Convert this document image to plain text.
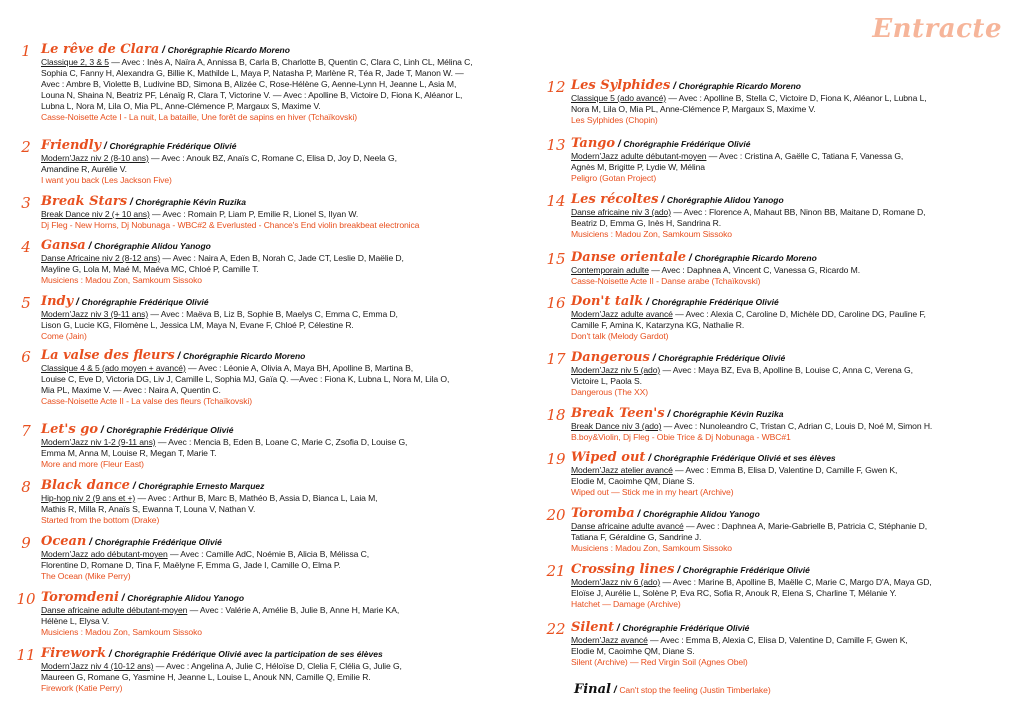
Entracte
1 Le rêve de Clara / Chorégraphie Ricardo Moreno
Classique 2, 3 & 5 — Avec : Inès A, Naïra A, Annissa B, Carla B, Charlotte B, Quentin C, Clara C, Linh CL, Mélina C,
Sophia C, Fanny H, Alexandra G, Billie K, Mathilde L, Maya P, Natasha P, Marlène R, Téa R, Jade T, Manon W. —
Avec : Ambre B, Violette B, Ludivine BD, Simona B, Alizée C, Rose-Hélène G, Aenne-Lynn H, Jeanne L, Asia M,
Louna N, Shaina N, Beatriz PF, Lénaïg R, Clara T, Victorine V. — Avec : Apolline B, Victoire D, Fiona K, Aléanor L,
Lubna L, Nora M, Lila O, Mia PL, Anne-Clémence P, Margaux S, Maxime V.
Casse-Noisette Acte I - La nuit, La bataille, Une forêt de sapins en hiver (Tchaïkovski)
2 Friendly / Chorégraphie Frédérique Olivié
Modern'Jazz niv 2 (8-10 ans) — Avec : Anouk BZ, Anaïs C, Romane C, Elisa D, Joy D, Neela G,
Amandine R, Aurélie V.
I want you back (Les Jackson Five)
3 Break Stars / Chorégraphie Kévin Ruzika
Break Dance niv 2 (+ 10 ans) — Avec : Romain P, Liam P, Emilie R, Lionel S, Ilyan W.
Dj Fleg - New Horns, Dj Nobunaga - WBC#2 & Everlusted - Chance's End violin breakbeat electronica
4 Gansa / Chorégraphie Alidou Yanogo
Danse Africaine niv 2 (8-12 ans) — Avec : Naira A, Eden B, Norah C, Jade CT, Leslie D, Maëlie D,
Mayline G, Lola M, Maé M, Maéva MC, Chloé P, Camille T.
Musiciens : Madou Zon, Samkoum Sissoko
5 Indy / Chorégraphie Frédérique Olivié
Modern'Jazz niv 3 (9-11 ans) — Avec : Maëva B, Liz B, Sophie B, Maelys C, Emma C, Emma D,
Lison G, Lucie KG, Filomène L, Jessica LM, Maya N, Evane F, Chloé P, Célestine R.
Come (Jain)
6 La valse des fleurs / Chorégraphie Ricardo Moreno
Classique 4 & 5 (ado moyen + avancé) — Avec : Léonie A, Olivia A, Maya BH, Apolline B, Martina B,
Louise C, Eve D, Victoria DG, Liv J, Camille L, Sophia MJ, Gaïa Q. —Avec : Fiona K, Lubna L, Nora M, Lila O,
Mia PL, Maxime V. — Avec : Naira A, Quentin C.
Casse-Noisette Acte II - La valse des fleurs (Tchaïkovski)
7 Let's go / Chorégraphie Frédérique Olivié
Modern'Jazz niv 1-2 (9-11 ans) — Avec : Mencia B, Eden B, Loane C, Marie C, Zsofia D, Louise G,
Emma M, Anna M, Louise R, Megan T, Marie T.
More and more (Fleur East)
8 Black dance / Chorégraphie Ernesto Marquez
Hip-hop niv 2 (9 ans et +) — Avec : Arthur B, Marc B, Mathéo B, Assia D, Bianca L, Laia M,
Mathis R, Milla R, Anaïs S, Ewanna T, Louna V, Nathan V.
Started from the bottom (Drake)
9 Ocean / Chorégraphie Frédérique Olivié
Modern'Jazz ado débutant-moyen — Avec : Camille AdC, Noémie B, Alicia B, Mélissa C,
Florentine D, Romane D, Tina F, Maëlyne F, Emma G, Jade I, Camille O, Elma P.
The Ocean (Mike Perry)
10 Toromdeni / Chorégraphie Alidou Yanogo
Danse africaine adulte débutant-moyen — Avec : Valérie A, Amélie B, Julie B, Anne H, Marie KA,
Hélène L, Elysa V.
Musiciens : Madou Zon, Samkoum Sissoko
11 Firework / Chorégraphie Frédérique Olivié avec la participation de ses élèves
Modern'Jazz niv 4 (10-12 ans) — Avec : Angelina A, Julie C, Héloïse D, Clelia F, Clélia G, Julie G,
Maureen G, Romane G, Yasmine H, Jeanne L, Louise L, Anouk NN, Camille Q, Emilie R.
Firework (Katie Perry)	Final / Can't stop the feeling (Justin Timberlake)
12 Les Sylphides / Chorégraphie Ricardo Moreno
Classique 5 (ado avancé) — Avec : Apolline B, Stella C, Victoire D, Fiona K, Aléanor L, Lubna L,
Nora M, Lila O, Mia PL, Anne-Clémence P, Margaux S, Maxime V.
Les Sylphides (Chopin)
13 Tango / Chorégraphie Frédérique Olivié
Modern'Jazz adulte débutant-moyen — Avec : Cristina A, Gaëlle C, Tatiana F, Vanessa G,
Agnès M, Brigitte P, Lydie W, Mélina
Peligro (Gotan Project)
14 Les récoltes / Chorégraphie Alidou Yanogo
Danse africaine niv 3 (ado) — Avec : Florence A, Mahaut BB, Ninon BB, Maitane D, Romane D,
Beatriz D, Emma G, Inès H, Sandrina R.
Musiciens : Madou Zon, Samkoum Sissoko
15 Danse orientale / Chorégraphie Ricardo Moreno
Contemporain adulte — Avec : Daphnea A, Vincent C, Vanessa G, Ricardo M.
Casse-Noisette Acte II - Danse arabe (Tchaïkovski)
16 Don't talk / Chorégraphie Frédérique Olivié
Modern'Jazz adulte avancé — Avec : Alexia C, Caroline D, Michèle DD, Caroline DG, Pauline F,
Camille F, Amina K, Katarzyna KG, Nathalie R.
Don't talk (Melody Gardot)
17 Dangerous / Chorégraphie Frédérique Olivié
Modern'Jazz niv 5 (ado) — Avec : Maya BZ, Eva B, Apolline B, Louise C, Anna C, Verena G,
Victoire L, Paola S.
Dangerous (The XX)
18 Break Teen's / Chorégraphie Kévin Ruzika
Break Dance niv 3 (ado) — Avec : Nunoleandro C, Tristan C, Adrian C, Louis D, Noé M, Simon H.
B.boy&Violin, Dj Fleg - Obie Trice & Dj Nobunaga - WBC#1
19 Wiped out / Chorégraphie Frédérique Olivié et ses élèves
Modern'Jazz atelier avancé — Avec : Emma B, Elisa D, Valentine D, Camille F, Gwen K,
Elodie M, Caoimhe QM, Diane S.
Wiped out — Stick me in my heart (Archive)
20 Toromba / Chorégraphie Alidou Yanogo
Danse africaine adulte avancé — Avec : Daphnea A, Marie-Gabrielle B, Patricia C, Stéphanie D,
Tatiana F, Géraldine G, Sandrine J.
Musiciens : Madou Zon, Samkoum Sissoko
21 Crossing lines / Chorégraphie Frédérique Olivié
Modern'Jazz niv 6 (ado) — Avec : Marine B, Apolline B, Maëlle C, Marie C, Margo D'A, Maya GD,
Eloïse J, Aurélie L, Solène P, Eva RC, Sofia R, Anouk R, Elena S, Charline T, Mélanie Y.
Hatchet — Damage (Archive)
22 Silent / Chorégraphie Frédérique Olivié
Modern'Jazz avancé — Avec : Emma B, Alexia C, Elisa D, Valentine D, Camille F, Gwen K,
Elodie M, Caoimhe QM, Diane S.
Silent (Archive) — Red Virgin Soil (Agnes Obel)
